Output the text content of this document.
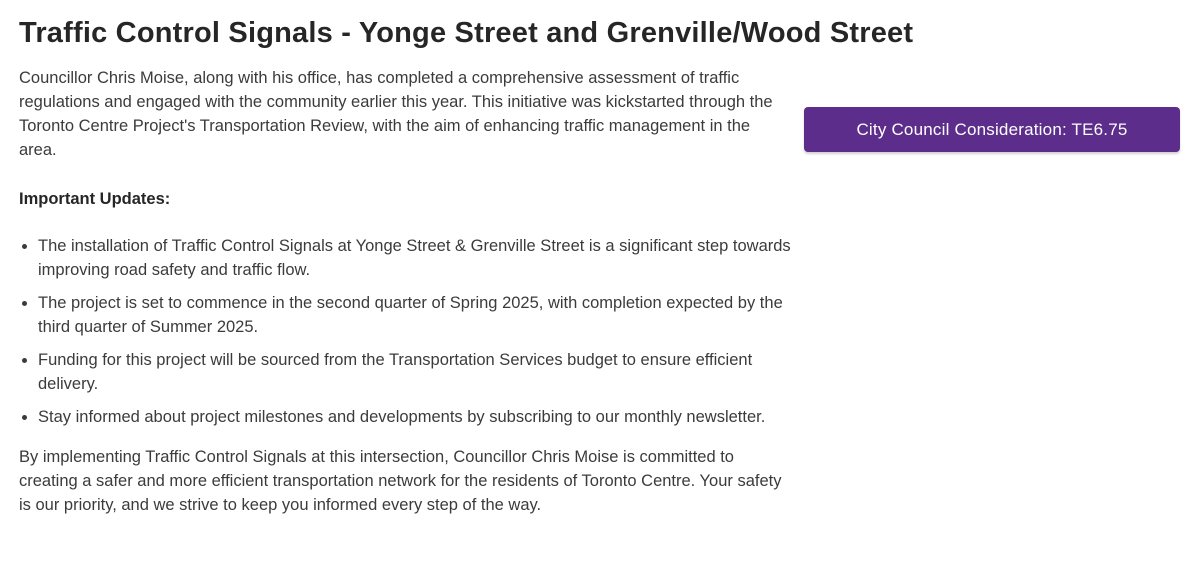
Traffic Control Signals - Yonge Street and Grenville/Wood Street

Councillor Chris Moise, along with his office, has completed a comprehensive assessment of traffic regulations and engaged with the community earlier this year. This initiative was kickstarted through the Toronto Centre Project's Transportation Review, with the aim of enhancing traffic management in the area.

Important Updates:
• The installation of Traffic Control Signals at Yonge Street & Grenville Street is a significant step towards improving road safety and traffic flow.
• The project is set to commence in the second quarter of Spring 2025, with completion expected by the third quarter of Summer 2025.
• Funding for this project will be sourced from the Transportation Services budget to ensure efficient delivery.
• Stay informed about project milestones and developments by subscribing to our monthly newsletter.

By implementing Traffic Control Signals at this intersection, Councillor Chris Moise is committed to creating a safer and more efficient transportation network for the residents of Toronto Centre. Your safety is our priority, and we strive to keep you informed every step of the way.

City Council Consideration: TE6.75
